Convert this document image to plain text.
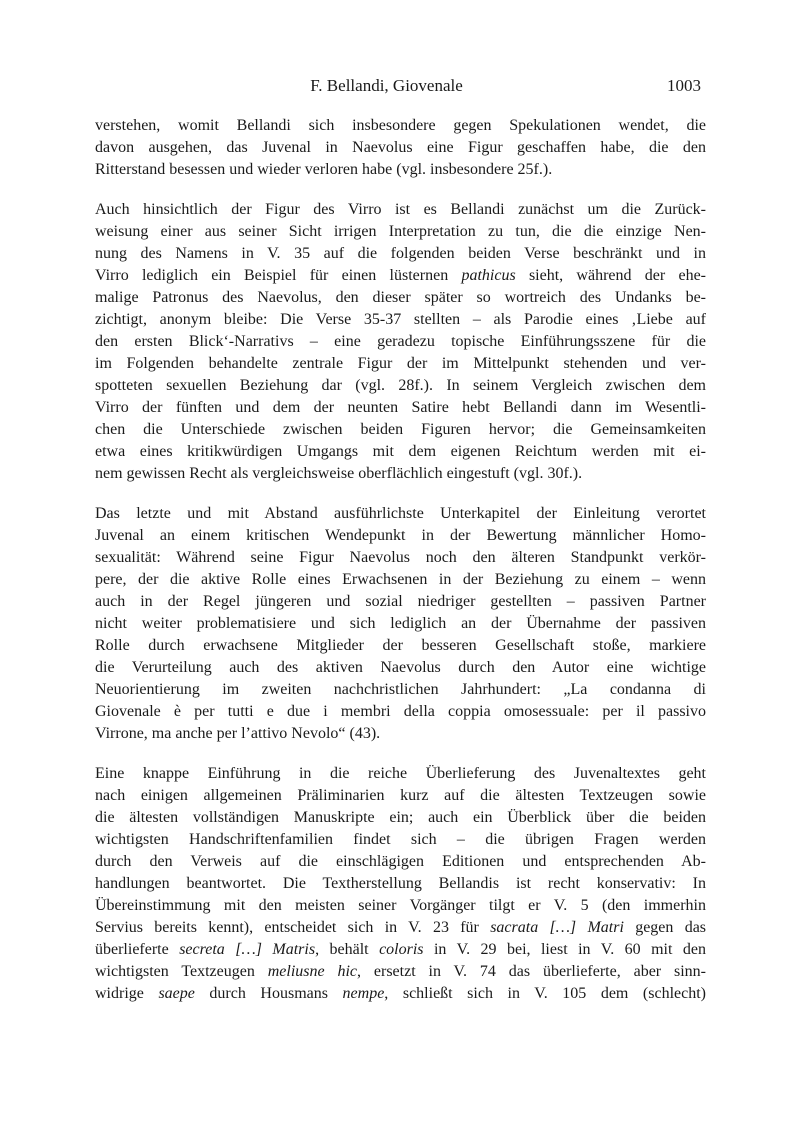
F. Bellandi, Giovenale	1003
verstehen, womit Bellandi sich insbesondere gegen Spekulationen wendet, die
davon ausgehen, das Juvenal in Naevolus eine Figur geschaffen habe, die den
Ritterstand besessen und wieder verloren habe (vgl. insbesondere 25f.).
Auch hinsichtlich der Figur des Virro ist es Bellandi zunächst um die Zurück-
weisung einer aus seiner Sicht irrigen Interpretation zu tun, die die einzige Nen-
nung des Namens in V. 35 auf die folgenden beiden Verse beschränkt und in
Virro lediglich ein Beispiel für einen lüsternen pathicus sieht, während der ehe-
malige Patronus des Naevolus, den dieser später so wortreich des Undanks be-
zichtigt, anonym bleibe: Die Verse 35-37 stellten – als Parodie eines ‚Liebe auf
den ersten Blick‘-Narrativs – eine geradezu topische Einführungsszene für die
im Folgenden behandelte zentrale Figur der im Mittelpunkt stehenden und ver-
spotteten sexuellen Beziehung dar (vgl. 28f.). In seinem Vergleich zwischen dem
Virro der fünften und dem der neunten Satire hebt Bellandi dann im Wesentli-
chen die Unterschiede zwischen beiden Figuren hervor; die Gemeinsamkeiten
etwa eines kritikwürdigen Umgangs mit dem eigenen Reichtum werden mit ei-
nem gewissen Recht als vergleichsweise oberflächlich eingestuft (vgl. 30f.).
Das letzte und mit Abstand ausführlichste Unterkapitel der Einleitung verortet
Juvenal an einem kritischen Wendepunkt in der Bewertung männlicher Homo-
sexualität: Während seine Figur Naevolus noch den älteren Standpunkt verkör-
pere, der die aktive Rolle eines Erwachsenen in der Beziehung zu einem – wenn
auch in der Regel jüngeren und sozial niedriger gestellten – passiven Partner
nicht weiter problematisiere und sich lediglich an der Übernahme der passiven
Rolle durch erwachsene Mitglieder der besseren Gesellschaft stoße, markiere
die Verurteilung auch des aktiven Naevolus durch den Autor eine wichtige
Neuorientierung im zweiten nachchristlichen Jahrhundert: „La condanna di
Giovenale è per tutti e due i membri della coppia omosessuale: per il passivo
Virrone, ma anche per l’attivo Nevolo“ (43).
Eine knappe Einführung in die reiche Überlieferung des Juvenaltextes geht
nach einigen allgemeinen Präliminarien kurz auf die ältesten Textzeugen sowie
die ältesten vollständigen Manuskripte ein; auch ein Überblick über die beiden
wichtigsten Handschriftenfamilien findet sich – die übrigen Fragen werden
durch den Verweis auf die einschlägigen Editionen und entsprechenden Ab-
handlungen beantwortet. Die Textherstellung Bellandis ist recht konservativ: In
Übereinstimmung mit den meisten seiner Vorgänger tilgt er V. 5 (den immerhin
Servius bereits kennt), entscheidet sich in V. 23 für sacrata […] Matri gegen das
überlieferte secreta […] Matris, behält coloris in V. 29 bei, liest in V. 60 mit den
wichtigsten Textzeugen meliusne hic, ersetzt in V. 74 das überlieferte, aber sinn-
widrige saepe durch Housmans nempe, schließt sich in V. 105 dem (schlecht)
